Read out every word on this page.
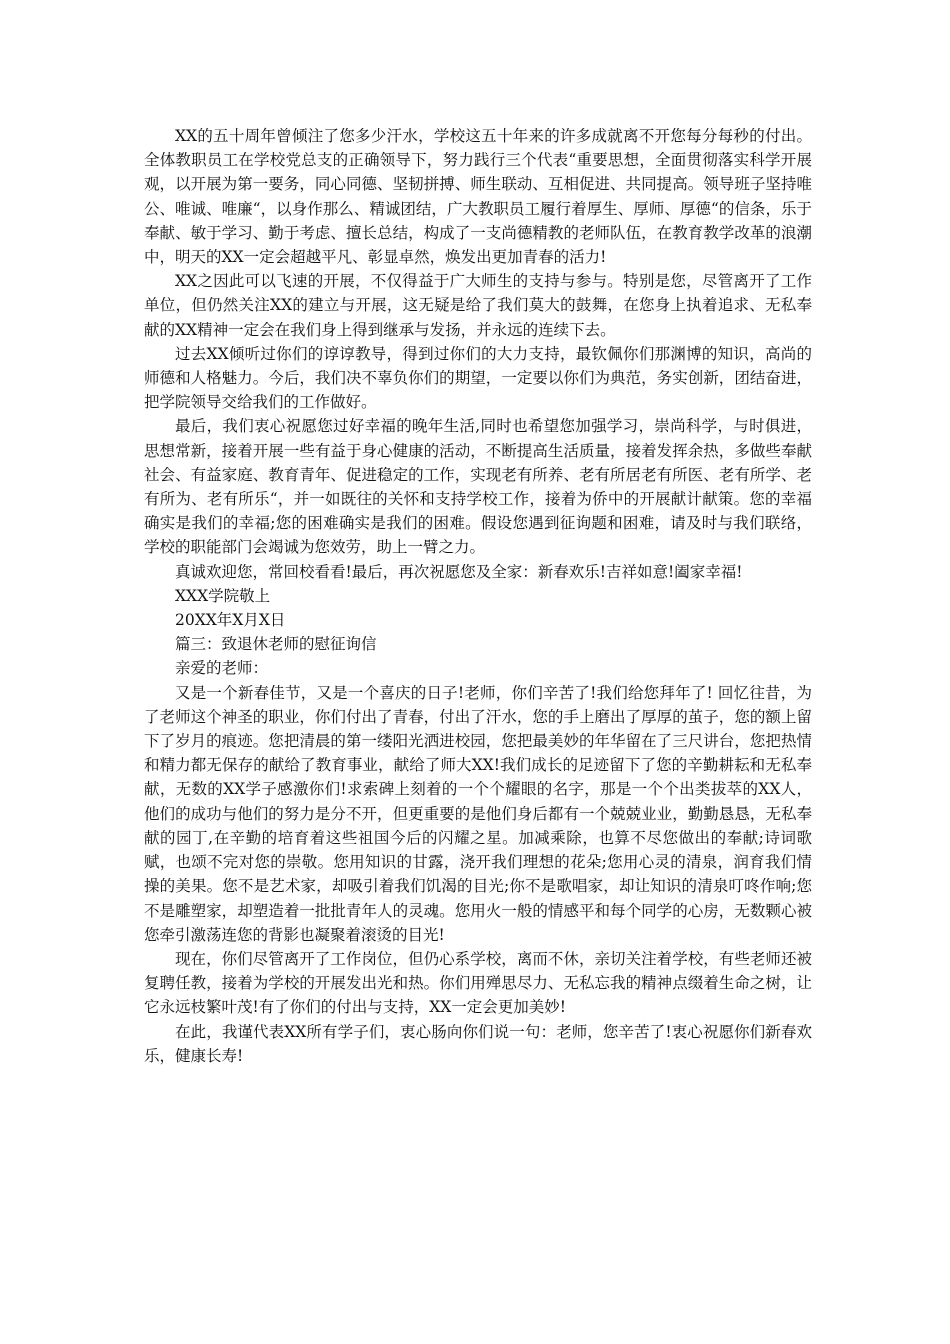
XX的五十周年曾倾注了您多少汗水，学校这五十年来的许多成就离不开您每分每秒的付出。全体教职员工在学校党总支的正确领导下，努力践行三个代表“重要思想，全面贯彻落实科学开展观，以开展为第一要务，同心同德、坚韧拼搏、师生联动、互相促进、共同提高。领导班子坚持唯公、唯诚、唯廉“，以身作那么、精诚团结，广大教职员工履行着厚生、厚师、厚德“的信条，乐于奉献、敏于学习、勤于考虑、擅长总结，构成了一支尚德精教的老师队伍，在教育教学改革的浪潮中，明天的XX一定会超越平凡、彰显卓然，焕发出更加青春的活力!

XX之因此可以飞速的开展，不仅得益于广大师生的支持与参与。特别是您，尽管离开了工作单位，但仍然关注XX的建立与开展，这无疑是给了我们莫大的鼓舞，在您身上执着追求、无私奉献的XX精神一定会在我们身上得到继承与发扬，并永远的连续下去。

过去XX倾听过你们的谆谆教导，得到过你们的大力支持，最钦佩你们那渊博的知识，高尚的师德和人格魅力。今后，我们决不辜负你们的期望，一定要以你们为典范，务实创新，团结奋进，把学院领导交给我们的工作做好。

最后，我们衷心祝愿您过好幸福的晚年生活,同时也希望您加强学习，崇尚科学，与时俱进，思想常新，接着开展一些有益于身心健康的活动，不断提高生活质量，接着发挥余热，多做些奉献社会、有益家庭、教育青年、促进稳定的工作，实现老有所养、老有所居老有所医、老有所学、老有所为、老有所乐“，并一如既往的关怀和支持学校工作，接着为侨中的开展献计献策。您的幸福确实是我们的幸福;您的困难确实是我们的困难。假设您遇到征询题和困难，请及时与我们联络，学校的职能部门会竭诚为您效劳，助上一臂之力。

真诚欢迎您，常回校看看!最后，再次祝愿您及全家：新春欢乐!吉祥如意!阖家幸福!

XXX学院敬上

20XX年X月X日

篇三：致退休老师的慰征询信

亲爱的老师：

又是一个新春佳节，又是一个喜庆的日子!老师，你们辛苦了!我们给您拜年了! 回忆往昔，为了老师这个神圣的职业，你们付出了青春，付出了汗水，您的手上磨出了厚厚的茧子，您的额上留下了岁月的痕迹。您把清晨的第一缕阳光洒进校园，您把最美妙的年华留在了三尺讲台，您把热情和精力都无保存的献给了教育事业，献给了师大XX!我们成长的足迹留下了您的辛勤耕耘和无私奉献，无数的XX学子感激你们!求索碑上刻着的一个个耀眼的名字，那是一个个出类拔萃的XX人，他们的成功与他们的努力是分不开，但更重要的是他们身后都有一个兢兢业业，勤勤恳恳，无私奉献的园丁,在辛勤的培育着这些祖国今后的闪耀之星。加减乘除，也算不尽您做出的奉献;诗词歌赋，也颂不完对您的崇敬。您用知识的甘露，浇开我们理想的花朵;您用心灵的清泉，润育我们情操的美果。您不是艺术家，却吸引着我们饥渴的目光;你不是歌唱家，却让知识的清泉叮咚作响;您不是雕塑家，却塑造着一批批青年人的灵魂。您用火一般的情感平和每个同学的心房，无数颗心被您牵引激荡连您的背影也凝聚着滚烫的目光!

现在，你们尽管离开了工作岗位，但仍心系学校，离而不休，亲切关注着学校，有些老师还被复聘任教，接着为学校的开展发出光和热。你们用殚思尽力、无私忘我的精神点缀着生命之树，让它永远枝繁叶茂!有了你们的付出与支持，XX一定会更加美妙!

在此，我谨代表XX所有学子们，衷心肠向你们说一句：老师，您辛苦了!衷心祝愿你们新春欢乐，健康长寿!
